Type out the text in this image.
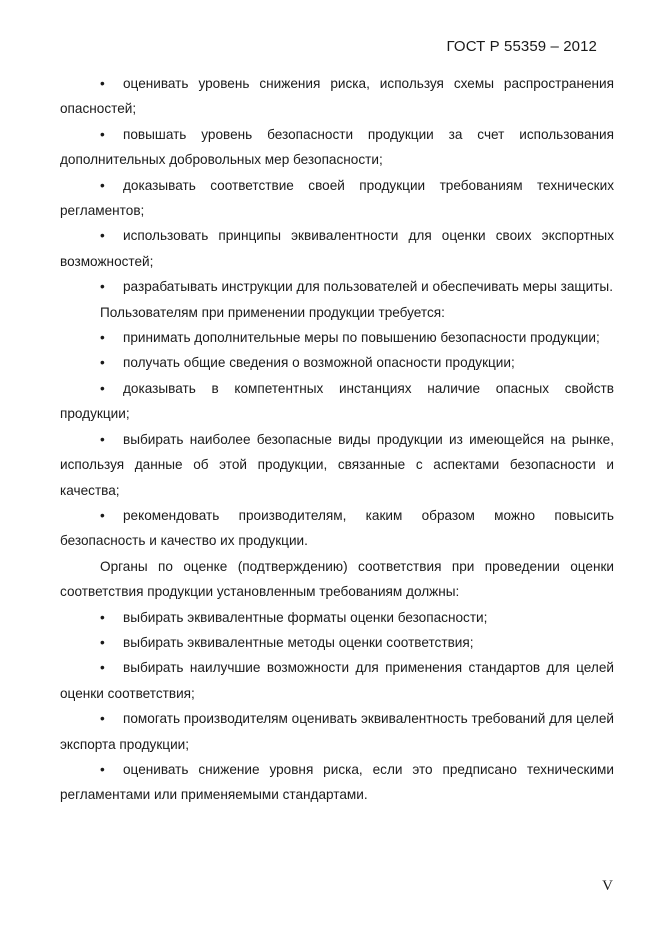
ГОСТ Р 55359 – 2012

• оценивать уровень снижения риска, используя схемы распространения опасностей;

• повышать уровень безопасности продукции за счет использования дополнительных добровольных мер безопасности;

• доказывать соответствие своей продукции требованиям технических регламентов;

• использовать принципы эквивалентности для оценки своих экспортных возможностей;

• разрабатывать инструкции для пользователей и обеспечивать меры защиты.

Пользователям при применении продукции требуется:

• принимать дополнительные меры по повышению безопасности продукции;

• получать общие сведения о возможной опасности продукции;

• доказывать в компетентных инстанциях наличие опасных свойств продукции;

• выбирать наиболее безопасные виды продукции из имеющейся на рынке, используя данные об этой продукции, связанные с аспектами безопасности и качества;

• рекомендовать производителям, каким образом можно повысить безопасность и качество их продукции.

Органы по оценке (подтверждению) соответствия при проведении оценки соответствия продукции установленным требованиям должны:

• выбирать эквивалентные форматы оценки безопасности;

• выбирать эквивалентные методы оценки соответствия;

• выбирать наилучшие возможности для применения стандартов для целей оценки соответствия;

• помогать производителям оценивать эквивалентность требований для целей экспорта продукции;

• оценивать снижение уровня риска, если это предписано техническими регламентами или применяемыми стандартами.

V
